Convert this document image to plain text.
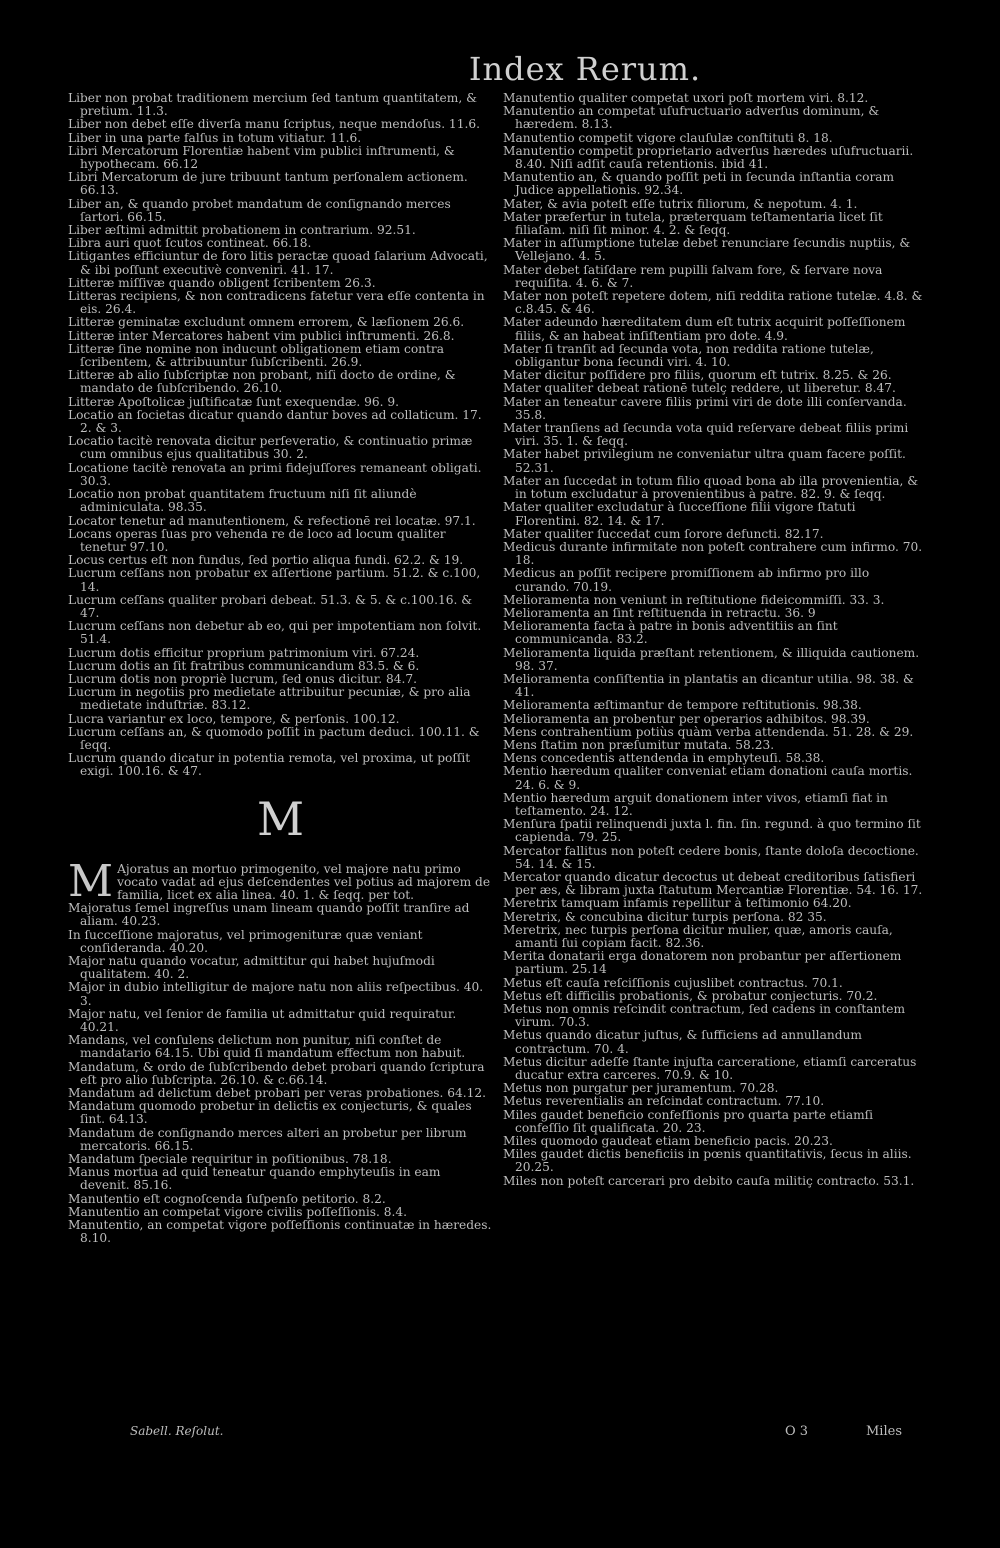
Index Rerum.

Liber non probat traditionem mercium ſed tantum quantitatem, & pretium. 11.3.

Liber non debet eſſe diverſa manu ſcriptus, neque mendoſus. 11.6.

Liber in una parte falſus in totum vitiatur. 11.6.

Libri Mercatorum Florentiæ habent vim publici inſtrumenti, & hypothecam. 66.12

Libri Mercatorum de jure tribuunt tantum perſonalem actionem. 66.13.

Liber an, & quando probet mandatum de conſignando merces ſartori. 66.15.

Liber æſtimi admittit probationem in contrarium. 92.51.

Libra auri quot ſcutos contineat. 66.18.

Litigantes efficiuntur de foro litis peractæ quoad ſalarium Advocati, & ibi poſſunt executivè conveniri. 41. 17.

Litteræ miſſivæ quando obligent ſcribentem 26.3.

Litteras recipiens, & non contradicens fatetur vera eſſe contenta in eis. 26.4.

Litteræ geminatæ excludunt omnem errorem, & læſionem 26.6.

Litteræ inter Mercatores habent vim publici inſtrumenti. 26.8.

Litteræ ſine nomine non inducunt obligationem etiam contra ſcribentem, & attribuuntur ſubſcribenti. 26.9.

Litteræ ab alio ſubſcriptæ non probant, niſi docto de ordine, & mandato de ſubſcribendo. 26.10.

Litteræ Apoſtolicæ juſtificatæ ſunt exequendæ. 96. 9.

Locatio an ſocietas dicatur quando dantur boves ad collaticum. 17. 2. & 3.

Locatio tacitè renovata dicitur perſeveratio, & continuatio primæ cum omnibus ejus qualitatibus 30. 2.

Locatione tacitè renovata an primi fidejuſſores remaneant obligati. 30.3.

Locatio non probat quantitatem fructuum niſi ſit aliundè adminiculata. 98.35.

Locator tenetur ad manutentionem, & refectionē rei locatæ. 97.1.

Locans operas ſuas pro vehenda re de loco ad locum qualiter tenetur 97.10.

Locus certus eſt non fundus, ſed portio aliqua fundi. 62.2. & 19.

Lucrum ceſſans non probatur ex aſſertione partium. 51.2. & c.100, 14.

Lucrum ceſſans qualiter probari debeat. 51.3. & 5. & c.100.16. & 47.

Lucrum ceſſans non debetur ab eo, qui per impotentiam non ſolvit. 51.4.

Lucrum dotis efficitur proprium patrimonium viri. 67.24.

Lucrum dotis an ſit fratribus communicandum 83.5. & 6.

Lucrum dotis non propriè lucrum, ſed onus dicitur. 84.7.

Lucrum in negotiis pro medietate attribuitur pecuniæ, & pro alia medietate induſtriæ. 83.12.

Lucra variantur ex loco, tempore, & perſonis. 100.12.

Lucrum ceſſans an, & quomodo poſſit in pactum deduci. 100.11. & ſeqq.

Lucrum quando dicatur in potentia remota, vel proxima, ut poſſit exigi. 100.16. & 47.

M

M Ajoratus an mortuo primogenito, vel majore natu primo vocato vadat ad ejus deſcendentes vel potius ad majorem de familia, licet ex alia linea. 40. 1. & ſeqq. per tot.

Majoratus ſemel ingreſſus unam lineam quando poſſit tranſire ad aliam. 40.23.

In ſucceſſione majoratus, vel primogenituræ quæ veniant conſideranda. 40.20.

Major natu quando vocatur, admittitur qui habet hujuſmodi qualitatem. 40. 2.

Major in dubio intelligitur de majore natu non aliis reſpectibus. 40. 3.

Major natu, vel ſenior de familia ut admittatur quid requiratur. 40.21.

Mandans, vel conſulens delictum non punitur, niſi conſtet de mandatario 64.15. Ubi quid ſi mandatum effectum non habuit.

Mandatum, & ordo de ſubſcribendo debet probari quando ſcriptura eſt pro alio ſubſcripta. 26.10. & c.66.14.

Mandatum ad delictum debet probari per veras probationes. 64.12.

Mandatum quomodo probetur in delictis ex conjecturis, & quales ſint. 64.13.

Mandatum de conſignando merces alteri an probetur per librum mercatoris. 66.15.

Mandatum ſpeciale requiritur in poſitionibus. 78.18.

Manus mortua ad quid teneatur quando emphyteuſis in eam devenit. 85.16.

Manutentio eſt cognoſcenda ſuſpenſo petitorio. 8.2.

Manutentio an competat vigore civilis poſſeſſionis. 8.4.

Manutentio, an competat vigore poſſeſſionis continuatæ in hæredes. 8.10.

Manutentio qualiter competat uxori poſt mortem viri. 8.12.

Manutentio an competat uſufructuario adverſus dominum, & hæredem. 8.13.

Manutentio competit vigore clauſulæ conſtituti 8. 18.

Manutentio competit proprietario adverſus hæredes uſufructuarii. 8.40. Niſi adſit cauſa retentionis. ibid 41.

Manutentio an, & quando poſſit peti in ſecunda inſtantia coram Judice appellationis. 92.34.

Mater, & avia poteſt eſſe tutrix filiorum, & nepotum. 4. 1.

Mater præfertur in tutela, præterquam teſtamentaria licet ſit filiaſam. niſi ſit minor. 4. 2. & ſeqq.

Mater in aſſumptione tutelæ debet renunciare ſecundis nuptiis, & Vellejano. 4. 5.

Mater debet ſatiſdare rem pupilli ſalvam fore, & ſervare nova requiſita. 4. 6. & 7.

Mater non poteſt repetere dotem, niſi reddita ratione tutelæ. 4.8. & c.8.45. & 46.

Mater adeundo hæreditatem dum eſt tutrix acquirit poſſeſſionem filiis, & an habeat inſiſtentiam pro dote. 4.9.

Mater ſi tranſit ad ſecunda vota, non reddita ratione tutelæ, obligantur bona ſecundi viri. 4. 10.

Mater dicitur poſſidere pro filiis, quorum eſt tutrix. 8.25. & 26.

Mater qualiter debeat rationē tutelç reddere, ut liberetur. 8.47.

Mater an teneatur cavere filiis primi viri de dote illi conſervanda. 35.8.

Mater tranſiens ad ſecunda vota quid reſervare debeat filiis primi viri. 35. 1. & ſeqq.

Mater habet privilegium ne conveniatur ultra quam facere poſſit. 52.31.

Mater an ſuccedat in totum filio quoad bona ab illa provenientia, & in totum excludatur à provenientibus à patre. 82. 9. & ſeqq.

Mater qualiter excludatur à ſucceſſione filii vigore ſtatuti Florentini. 82. 14. & 17.

Mater qualiter ſuccedat cum ſorore defuncti. 82.17.

Medicus durante infirmitate non poteſt contrahere cum infirmo. 70. 18.

Medicus an poſſit recipere promiſſionem ab infirmo pro illo curando. 70.19.

Melioramenta non veniunt in reſtitutione fideicommiſſi. 33. 3.

Melioramenta an ſint reſtituenda in retractu. 36. 9

Melioramenta facta à patre in bonis adventitiis an ſint communicanda. 83.2.

Melioramenta liquida præſtant retentionem, & illiquida cautionem. 98. 37.

Melioramenta conſiſtentia in plantatis an dicantur utilia. 98. 38. & 41.

Melioramenta æſtimantur de tempore reſtitutionis. 98.38.

Melioramenta an probentur per operarios adhibitos. 98.39.

Mens contrahentium potiùs quàm verba attendenda. 51. 28. & 29.

Mens ſtatim non præſumitur mutata. 58.23.

Mens concedentis attendenda in emphyteuſi. 58.38.

Mentio hæredum qualiter conveniat etiam donationi cauſa mortis. 24. 6. & 9.

Mentio hæredum arguit donationem inter vivos, etiamſi fiat in teſtamento. 24. 12.

Menſura ſpatii relinquendi juxta l. fin. ſin. regund. à quo termino ſit capienda. 79. 25.

Mercator fallitus non poteſt cedere bonis, ſtante doloſa decoctione. 54. 14. & 15.

Mercator quando dicatur decoctus ut debeat creditoribus ſatisfieri per æs, & libram juxta ſtatutum Mercantiæ Florentiæ. 54. 16. 17.

Meretrix tamquam infamis repellitur à teſtimonio 64.20.

Meretrix, & concubina dicitur turpis perſona. 82 35.

Meretrix, nec turpis perſona dicitur mulier, quæ, amoris cauſa, amanti ſui copiam facit. 82.36.

Merita donatarii erga donatorem non probantur per aſſertionem partium. 25.14

Metus eſt cauſa reſciſſionis cujuslibet contractus. 70.1.

Metus eſt difficilis probationis, & probatur conjecturis. 70.2.

Metus non omnis reſcindit contractum, ſed cadens in conſtantem virum. 70.3.

Metus quando dicatur juſtus, & ſufficiens ad annullandum contractum. 70. 4.

Metus dicitur adeſſe ſtante injuſta carceratione, etiamſi carceratus ducatur extra carceres. 70.9. & 10.

Metus non purgatur per juramentum. 70.28.

Metus reverentialis an reſcindat contractum. 77.10.

Miles gaudet beneficio confeſſionis pro quarta parte etiamſi confeſſio ſit qualificata. 20. 23.

Miles quomodo gaudeat etiam beneficio pacis. 20.23.

Miles gaudet dictis beneficiis in pœnis quantitativis, ſecus in aliis. 20.25.

Miles non poteſt carcerari pro debito cauſa militiç contracto. 53.1.

Sabell. Reſolut.	O 3	Miles
